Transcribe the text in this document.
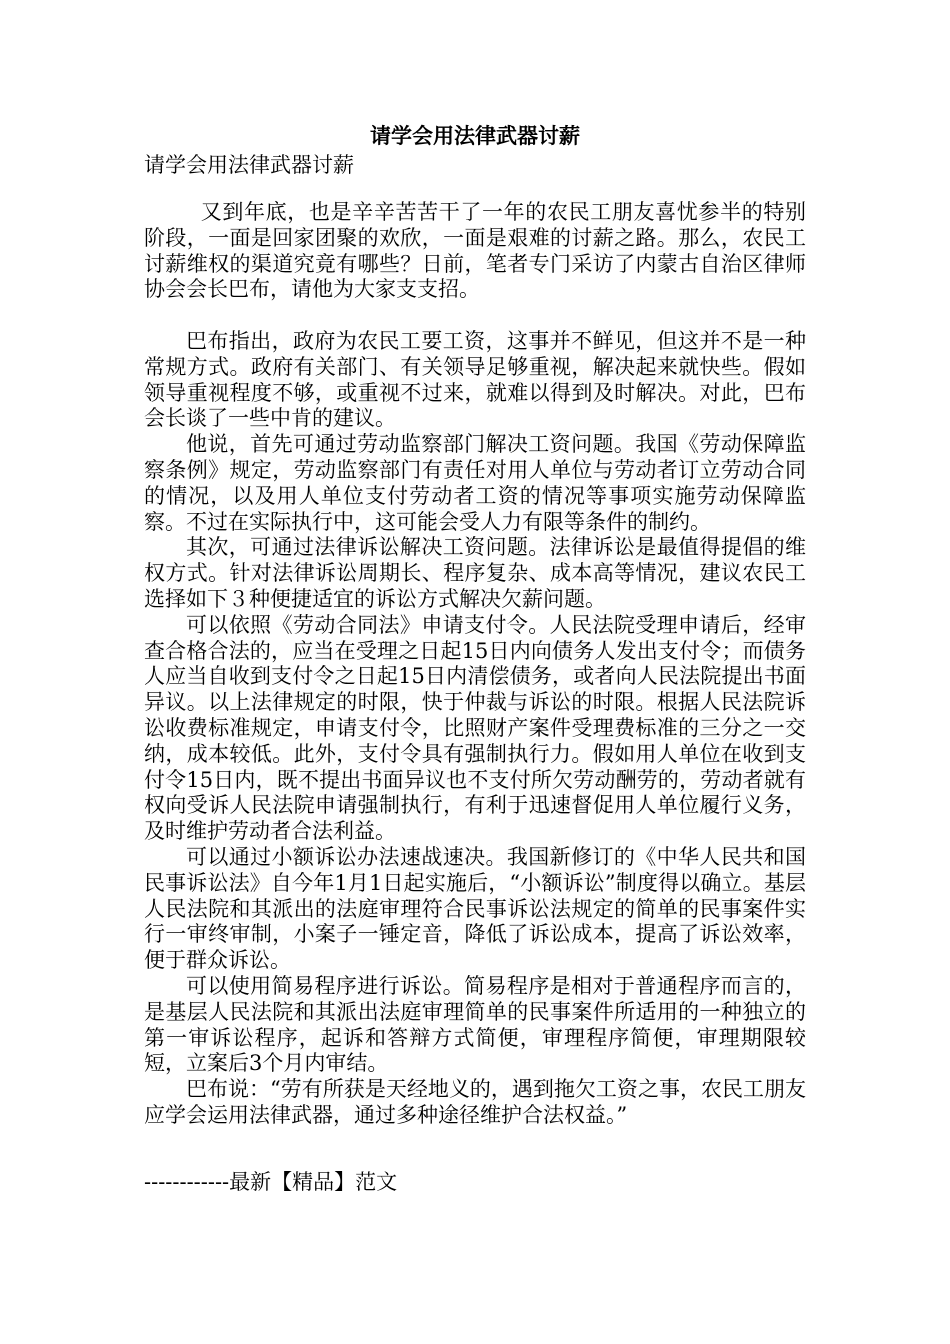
请学会用法律武器讨薪

请学会用法律武器讨薪

又到年底，也是辛辛苦苦干了一年的农民工朋友喜忧参半的特别阶段，一面是回家团聚的欢欣，一面是艰难的讨薪之路。那么，农民工讨薪维权的渠道究竟有哪些？日前，笔者专门采访了内蒙古自治区律师协会会长巴布，请他为大家支支招。

巴布指出，政府为农民工要工资，这事并不鲜见，但这并不是一种常规方式。政府有关部门、有关领导足够重视，解决起来就快些。假如领导重视程度不够，或重视不过来，就难以得到及时解决。对此，巴布会长谈了一些中肯的建议。

他说，首先可通过劳动监察部门解决工资问题。我国《劳动保障监察条例》规定，劳动监察部门有责任对用人单位与劳动者订立劳动合同的情况，以及用人单位支付劳动者工资的情况等事项实施劳动保障监察。不过在实际执行中，这可能会受人力有限等条件的制约。

其次，可通过法律诉讼解决工资问题。法律诉讼是最值得提倡的维权方式。针对法律诉讼周期长、程序复杂、成本高等情况，建议农民工选择如下３种便捷适宜的诉讼方式解决欠薪问题。

可以依照《劳动合同法》申请支付令。人民法院受理申请后，经审查合格合法的，应当在受理之日起15日内向债务人发出支付令；而债务人应当自收到支付令之日起15日内清偿债务，或者向人民法院提出书面异议。以上法律规定的时限，快于仲裁与诉讼的时限。根据人民法院诉讼收费标准规定，申请支付令，比照财产案件受理费标准的三分之一交纳，成本较低。此外，支付令具有强制执行力。假如用人单位在收到支付令15日内，既不提出书面异议也不支付所欠劳动酬劳的，劳动者就有权向受诉人民法院申请强制执行，有利于迅速督促用人单位履行义务，及时维护劳动者合法利益。

可以通过小额诉讼办法速战速决。我国新修订的《中华人民共和国民事诉讼法》自今年1月1日起实施后，“小额诉讼”制度得以确立。基层人民法院和其派出的法庭审理符合民事诉讼法规定的简单的民事案件实行一审终审制，小案子一锤定音，降低了诉讼成本，提高了诉讼效率，便于群众诉讼。

可以使用简易程序进行诉讼。简易程序是相对于普通程序而言的，是基层人民法院和其派出法庭审理简单的民事案件所适用的一种独立的第一审诉讼程序，起诉和答辩方式简便，审理程序简便，审理期限较短，立案后3个月内审结。

巴布说：“劳有所获是天经地义的，遇到拖欠工资之事，农民工朋友应学会运用法律武器，通过多种途径维护合法权益。”

------------最新【精品】范文
